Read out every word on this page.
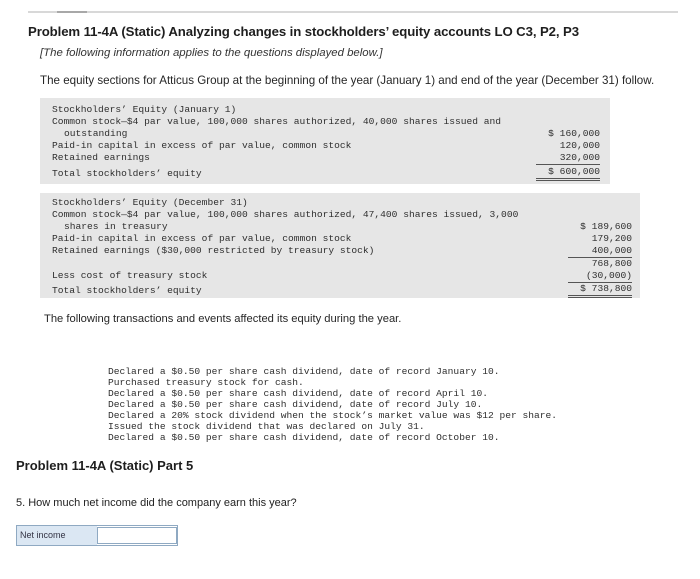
Problem 11-4A (Static) Analyzing changes in stockholders’ equity accounts LO C3, P2, P3
[The following information applies to the questions displayed below.]
The equity sections for Atticus Group at the beginning of the year (January 1) and end of the year (December 31) follow.
Stockholders’ Equity (January 1)
Common stock—$4 par value, 100,000 shares authorized, 40,000 shares issued and
outstanding	$ 160,000
Paid-in capital in excess of par value, common stock	120,000
Retained earnings	320,000
Total stockholders’ equity	$ 600,000
Stockholders’ Equity (December 31)
Common stock—$4 par value, 100,000 shares authorized, 47,400 shares issued, 3,000
shares in treasury	$ 189,600
Paid-in capital in excess of par value, common stock	179,200
Retained earnings ($30,000 restricted by treasury stock)	400,000
768,800
Less cost of treasury stock	(30,000)
Total stockholders’ equity	$ 738,800
The following transactions and events affected its equity during the year.

Declared a $0.50 per share cash dividend, date of record January 10.

Purchased treasury stock for cash.

Declared a $0.50 per share cash dividend, date of record April 10.

Declared a $0.50 per share cash dividend, date of record July 10.

Declared a 20% stock dividend when the stock’s market value was $12 per share.

Issued the stock dividend that was declared on July 31.

Declared a $0.50 per share cash dividend, date of record October 10.

Problem 11-4A (Static) Part 5
5. How much net income did the company earn this year?
Net income
